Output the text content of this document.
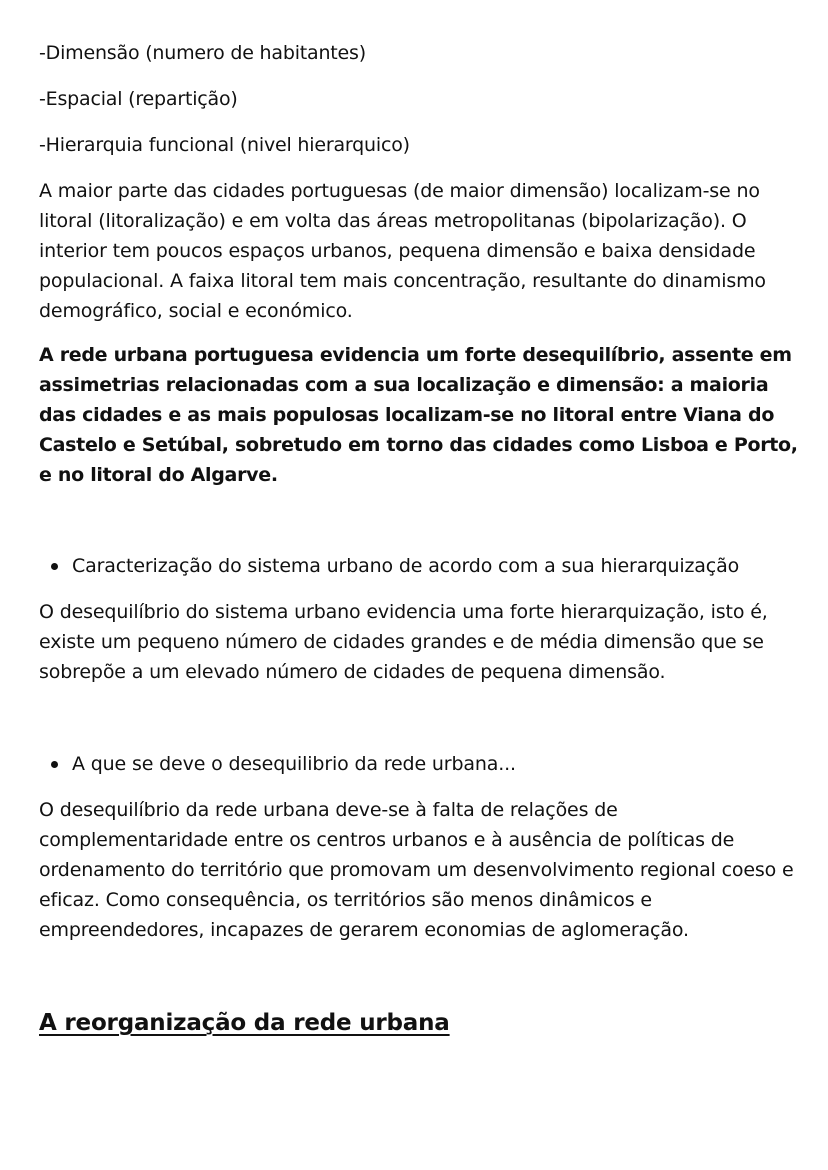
-Dimensão (numero de habitantes)

-Espacial (repartição)

-Hierarquia funcional (nivel hierarquico)

A maior parte das cidades portuguesas (de maior dimensão) localizam-se no litoral (litoralização) e em volta das áreas metropolitanas (bipolarização). O interior tem poucos espaços urbanos, pequena dimensão e baixa densidade populacional. A faixa litoral tem mais concentração, resultante do dinamismo demográfico, social e económico.

A rede urbana portuguesa evidencia um forte desequilíbrio, assente em assimetrias relacionadas com a sua localização e dimensão: a maioria das cidades e as mais populosas localizam-se no litoral entre Viana do Castelo e Setúbal, sobretudo em torno das cidades como Lisboa e Porto, e no litoral do Algarve.

Caracterização do sistema urbano de acordo com a sua hierarquização

O desequilíbrio do sistema urbano evidencia uma forte hierarquização, isto é, existe um pequeno número de cidades grandes e de média dimensão que se sobrepõe a um elevado número de cidades de pequena dimensão.

A que se deve o desequilibrio da rede urbana...

O desequilíbrio da rede urbana deve-se à falta de relações de complementaridade entre os centros urbanos e à ausência de políticas de ordenamento do território que promovam um desenvolvimento regional coeso e eficaz. Como consequência, os territórios são menos dinâmicos e empreendedores, incapazes de gerarem economias de aglomeração.

A reorganização da rede urbana
